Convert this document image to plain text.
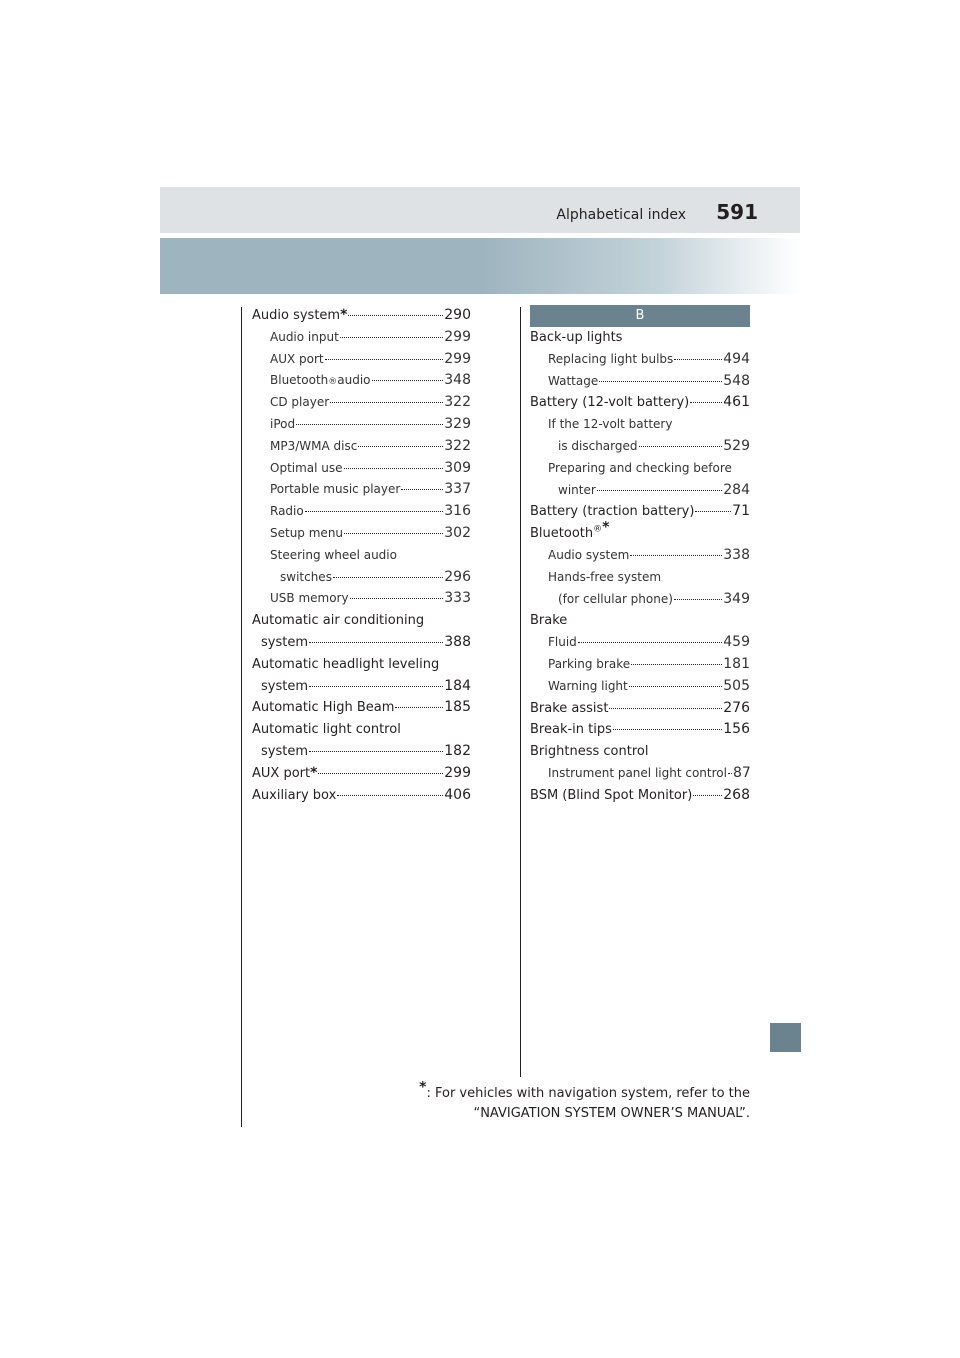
Alphabetical index 591
Audio system *	290
Audio input	299
AUX port	299
Bluetooth ® audio	348
CD player	322
iPod	329
MP3/WMA disc	322
Optimal use	309
Portable music player	337
Radio	316
Setup menu	302
Steering wheel audio
switches	296
USB memory	333
Automatic air conditioning
system	388
Automatic headlight leveling
system	184
Automatic High Beam	185
Automatic light control
system	182
AUX port *	299
Auxiliary box	406
B
Back-up lights
Replacing light bulbs	494
Wattage	548
Battery (12-volt battery) 461
If the 12-volt battery
is discharged	529
Preparing and checking before
winter	284
Battery (traction battery)	71
Bluetooth®*
Audio system	338
Hands-free system
(for cellular phone)	349
Brake
Fluid	459
Parking brake	181
Warning light	505
Brake assist	276
Break-in tips	156
Brightness control
Instrument panel light control 87
BSM (Blind Spot Monitor) 268
*: For vehicles with navigation system, refer to the
“NAVIGATION SYSTEM OWNER’S MANUAL”.
